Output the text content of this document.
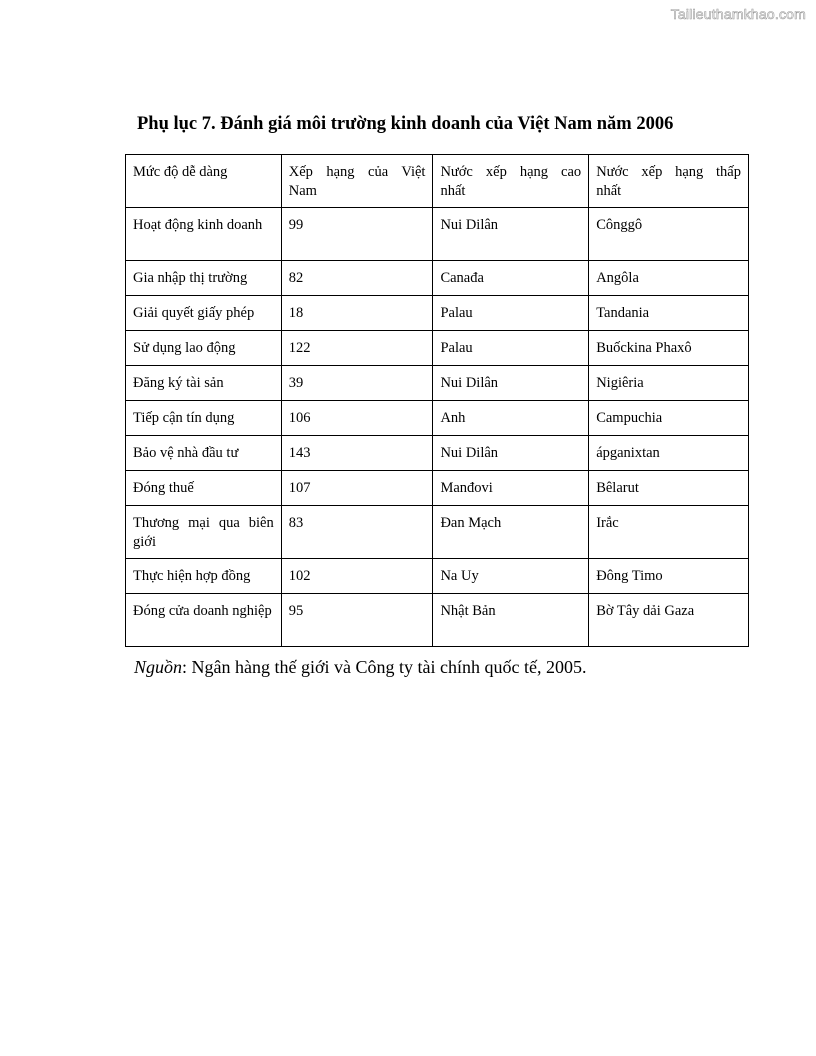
Tailieuthamkhao.com
Phụ lục 7. Đánh giá môi trường kinh doanh của Việt Nam năm 2006
Mức độ dễ dàng	Xếp hạng của Việt Nam	Nước xếp hạng cao nhất	Nước xếp hạng thấp nhất
Hoạt động kinh doanh	99	Nui Dilân	Cônggô
Gia nhập thị trường	82	Canađa	Angôla
Giải quyết giấy phép	18	Palau	Tandania
Sử dụng lao động	122	Palau	Buốckina Phaxô
Đăng ký tài sản	39	Nui Dilân	Nigiêria
Tiếp cận tín dụng	106	Anh	Campuchia
Bảo vệ nhà đầu tư	143	Nui Dilân	ápganixtan
Đóng thuế	107	Manđovi	Bêlarut
Thương mại qua biên giới	83	Đan Mạch	Irắc
Thực hiện hợp đồng	102	Na Uy	Đông Timo
Đóng cửa doanh nghiệp	95	Nhật Bản	Bờ Tây dải Gaza

Nguồn: Ngân hàng thế giới và Công ty tài chính quốc tế, 2005.
